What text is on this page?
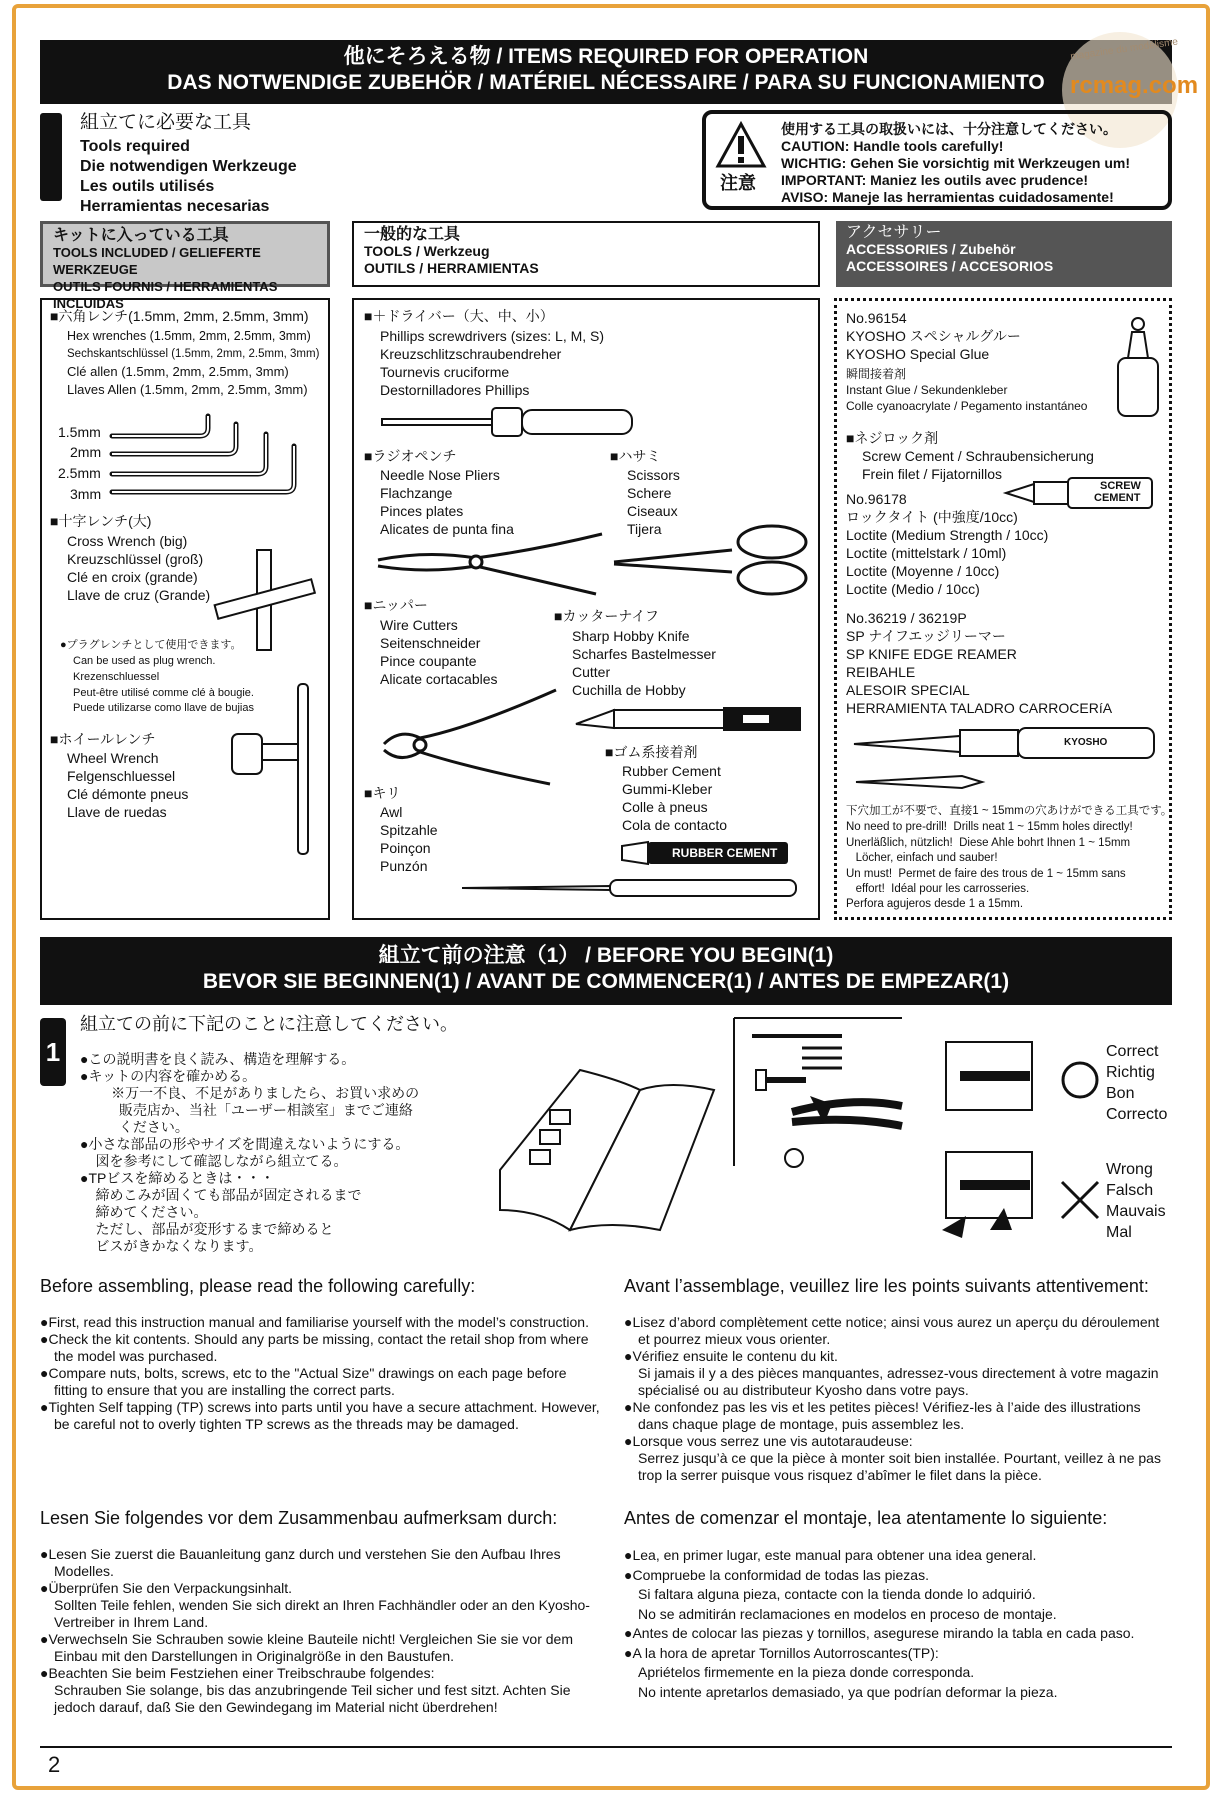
他にそろえる物 / ITEMS REQUIRED FOR OPERATION
DAS NOTWENDIGE ZUBEHÖR / MATÉRIEL NÉCESSAIRE / PARA SU FUNCIONAMIENTO	rcmag.com
magazine du modélisme
組立てに必要な工具
Tools required
Die notwendigen Werkzeuge
Les outils utilisés
Herramientas necesarias
注意
使用する工具の取扱いには、十分注意してください。
CAUTION: Handle tools carefully!
WICHTIG: Gehen Sie vorsichtig mit Werkzeugen um!
IMPORTANT: Maniez les outils avec prudence!
AVISO: Maneje las herramientas cuidadosamente!
キットに入っている工具
TOOLS INCLUDED / GELIEFERTE WERKZEUGE
OUTILS FOURNIS / HERRAMIENTAS INCLUIDAS
一般的な工具
TOOLS / Werkzeug
OUTILS / HERRAMIENTAS
アクセサリー
ACCESSORIES / Zubehör
ACCESSOIRES / ACCESORIOS
■六角レンチ(1.5mm, 2mm, 2.5mm, 3mm)
Hex wrenches (1.5mm, 2mm, 2.5mm, 3mm)
Sechskantschlüssel (1.5mm, 2mm, 2.5mm, 3mm)
Clé allen (1.5mm, 2mm, 2.5mm, 3mm)
Llaves Allen (1.5mm, 2mm, 2.5mm, 3mm)
1.5mm
2mm
2.5mm
3mm
■十字レンチ(大)
Cross Wrench (big)
Kreuzschlüssel (groß)
Clé en croix (grande)
Llave de cruz (Grande)
●プラグレンチとして使用できます。
Can be used as plug wrench.
Krezenschluessel
Peut-être utilisé comme clé à bougie.
Puede utilizarse como llave de bujias
■ホイールレンチ
Wheel Wrench
Felgenschluessel
Clé démonte pneus
Llave de ruedas
■＋ドライバー（大、中、小）
Phillips screwdrivers (sizes: L, M, S)
Kreuzschlitzschraubendreher
Tournevis cruciforme
Destornilladores Phillips
■ラジオペンチ
Needle Nose Pliers
Flachzange
Pinces plates
Alicates de punta fina
■ハサミ
Scissors
Schere
Ciseaux
Tijera
■ニッパー
Wire Cutters
Seitenschneider
Pince coupante
Alicate cortacables
■カッターナイフ
Sharp Hobby Knife
Scharfes Bastelmesser
Cutter
Cuchilla de Hobby
■ゴム系接着剤
Rubber Cement
Gummi-Kleber
Colle à pneus
Cola de contacto
RUBBER CEMENT
■キリ
Awl
Spitzahle
Poinçon
Punzón
No.96154
KYOSHO スペシャルグルー
KYOSHO Special Glue
瞬間接着剤
Instant Glue / Sekundenkleber
Colle cyanoacrylate / Pegamento instantáneo
■ネジロック剤
Screw Cement / Schraubensicherung
Frein filet / Fijatornillos
SCREW
CEMENT
No.96178
ロックタイト (中強度/10cc)
Loctite (Medium Strength / 10cc)
Loctite (mittelstark / 10ml)
Loctite (Moyenne / 10cc)
Loctite (Medio / 10cc)
No.36219 / 36219P
SP ナイフエッジリーマー
SP KNIFE EDGE REAMER
REIBAHLE
ALESOIR SPECIAL
HERRAMIENTA TALADRO CARROCERíA
KYOSHO
下穴加工が不要で、直接1 ~ 15mmの穴あけができる工具です。
No need to pre-drill!  Drills neat 1 ~ 15mm holes directly!
Unerläßlich, nützlich!  Diese Ahle bohrt Ihnen 1 ~ 15mm
Löcher, einfach und sauber!
Un must!  Permet de faire des trous de 1 ~ 15mm sans
effort!  Idéal pour les carrosseries.
Perfora agujeros desde 1 a 15mm.
組立て前の注意（1） / BEFORE YOU BEGIN(1)
BEVOR SIE BEGINNEN(1) / AVANT DE COMMENCER(1) / ANTES DE EMPEZAR(1)
1
組立ての前に下記のことに注意してください。
●この説明書を良く読み、構造を理解する。
●キットの内容を確かめる。
※万一不良、不足がありましたら、お買い求めの
販売店か、当社「ユーザー相談室」までご連絡
ください。
●小さな部品の形やサイズを間違えないようにする。
図を参考にして確認しながら組立てる。
●TPビスを締めるときは・・・
締めこみが固くても部品が固定されるまで
締めてください。
ただし、部品が変形するまで締めると
ビスがきかなくなります。
Correct
Richtig
Bon
Correcto
Wrong
Falsch
Mauvais
Mal
Before assembling, please read the following carefully:

●First, read this instruction manual and familiarise yourself with the model’s construction.

●Check the kit contents. Should any parts be missing, contact the retail shop from where the model was purchased.

●Compare nuts, bolts, screws, etc to the "Actual Size" drawings on each page before fitting to ensure that you are installing the correct parts.

●Tighten Self tapping (TP) screws into parts until you have a secure attachment. However, be careful not to overly tighten TP screws as the threads may be damaged.

Avant l’assemblage, veuillez lire les points suivants attentivement:

●Lisez d’abord complètement cette notice; ainsi vous aurez un aperçu du déroulement et pourrez mieux vous orienter.

●Vérifiez ensuite le contenu du kit.

Si jamais il y a des pièces manquantes, adressez-vous directement à votre magazin spécialisé ou au distributeur Kyosho dans votre pays.

●Ne confondez pas les vis et les petites pièces! Vérifiez-les à l’aide des illustrations dans chaque plage de montage, puis assemblez les.

●Lorsque vous serrez une vis autotaraudeuse:

Serrez jusqu’à ce que la pièce à monter soit bien installée. Pourtant, veillez à ne pas trop la serrer puisque vous risquez d’abîmer le filet dans la pièce.

Lesen Sie folgendes vor dem Zusammenbau aufmerksam durch:

●Lesen Sie zuerst die Bauanleitung ganz durch und verstehen Sie den Aufbau Ihres Modelles.

●Überprüfen Sie den Verpackungsinhalt.

Sollten Teile fehlen, wenden Sie sich direkt an Ihren Fachhändler oder an den Kyosho-Vertreiber in Ihrem Land.

●Verwechseln Sie Schrauben sowie kleine Bauteile nicht! Vergleichen Sie sie vor dem Einbau mit den Darstellungen in Originalgröße in den Baustufen.

●Beachten Sie beim Festziehen einer Treibschraube folgendes:

Schrauben Sie solange, bis das anzubringende Teil sicher und fest sitzt. Achten Sie jedoch darauf, daß Sie den Gewindegang im Material nicht überdrehen!

Antes de comenzar el montaje, lea atentamente lo siguiente:

●Lea, en primer lugar, este manual para obtener una idea general.

●Compruebe la conformidad de todas las piezas.

Si faltara alguna pieza, contacte con la tienda donde lo adquirió.

No se admitirán reclamaciones en modelos en proceso de montaje.

●Antes de colocar las piezas y tornillos, asegurese mirando la tabla en cada paso.

●A la hora de apretar Tornillos Autorroscantes(TP):

Apriételos firmemente en la pieza donde corresponda.

No intente apretarlos demasiado, ya que podrían deformar la pieza.

2
